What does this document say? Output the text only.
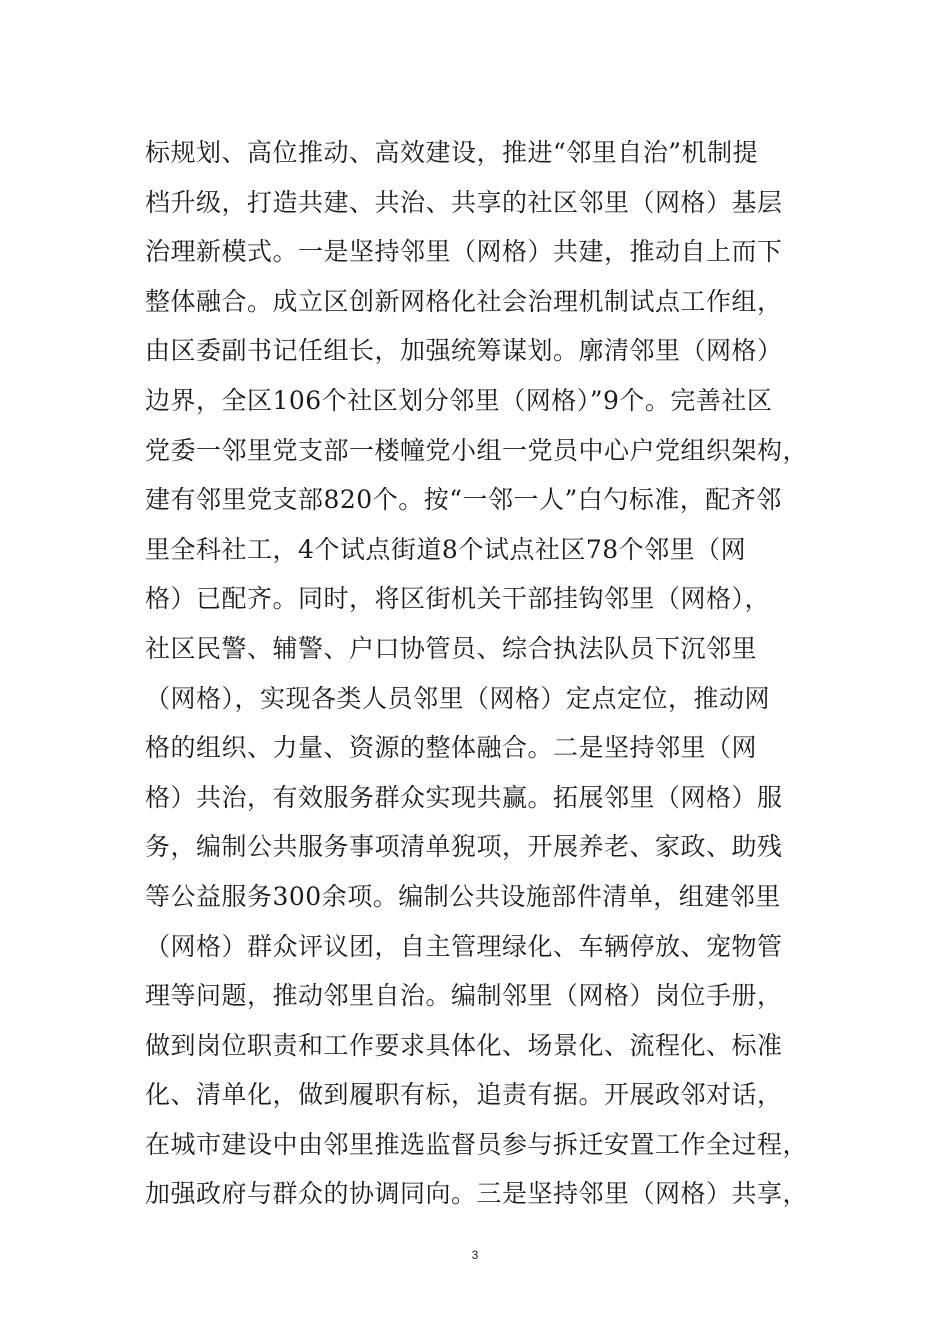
标规划、高位推动、高效建设，推进“邻里自治”机制提
档升级，打造共建、共治、共享的社区邻里（网格）基层
治理新模式。一是坚持邻里（网格）共建，推动自上而下
整体融合。成立区创新网格化社会治理机制试点工作组，
由区委副书记任组长，加强统筹谋划。廓清邻里（网格）
边界，全区106个社区划分邻里（网格）”9个。完善社区
党委一邻里党支部一楼幢党小组一党员中心户党组织架构，
建有邻里党支部820个。按“一邻一人”白勺标准，配齐邻
里全科社工，4个试点街道8个试点社区78个邻里（网
格）已配齐。同时，将区街机关干部挂钩邻里（网格），
社区民警、辅警、户口协管员、综合执法队员下沉邻里
（网格），实现各类人员邻里（网格）定点定位，推动网
格的组织、力量、资源的整体融合。二是坚持邻里（网
格）共治，有效服务群众实现共赢。拓展邻里（网格）服
务，编制公共服务事项清单猊项，开展养老、家政、助残
等公益服务300余项。编制公共设施部件清单，组建邻里
（网格）群众评议团，自主管理绿化、车辆停放、宠物管
理等问题，推动邻里自治。编制邻里（网格）岗位手册，
做到岗位职责和工作要求具体化、场景化、流程化、标准
化、清单化，做到履职有标，追责有据。开展政邻对话，
在城市建设中由邻里推选监督员参与拆迁安置工作全过程，
加强政府与群众的协调同向。三是坚持邻里（网格）共享，
3
